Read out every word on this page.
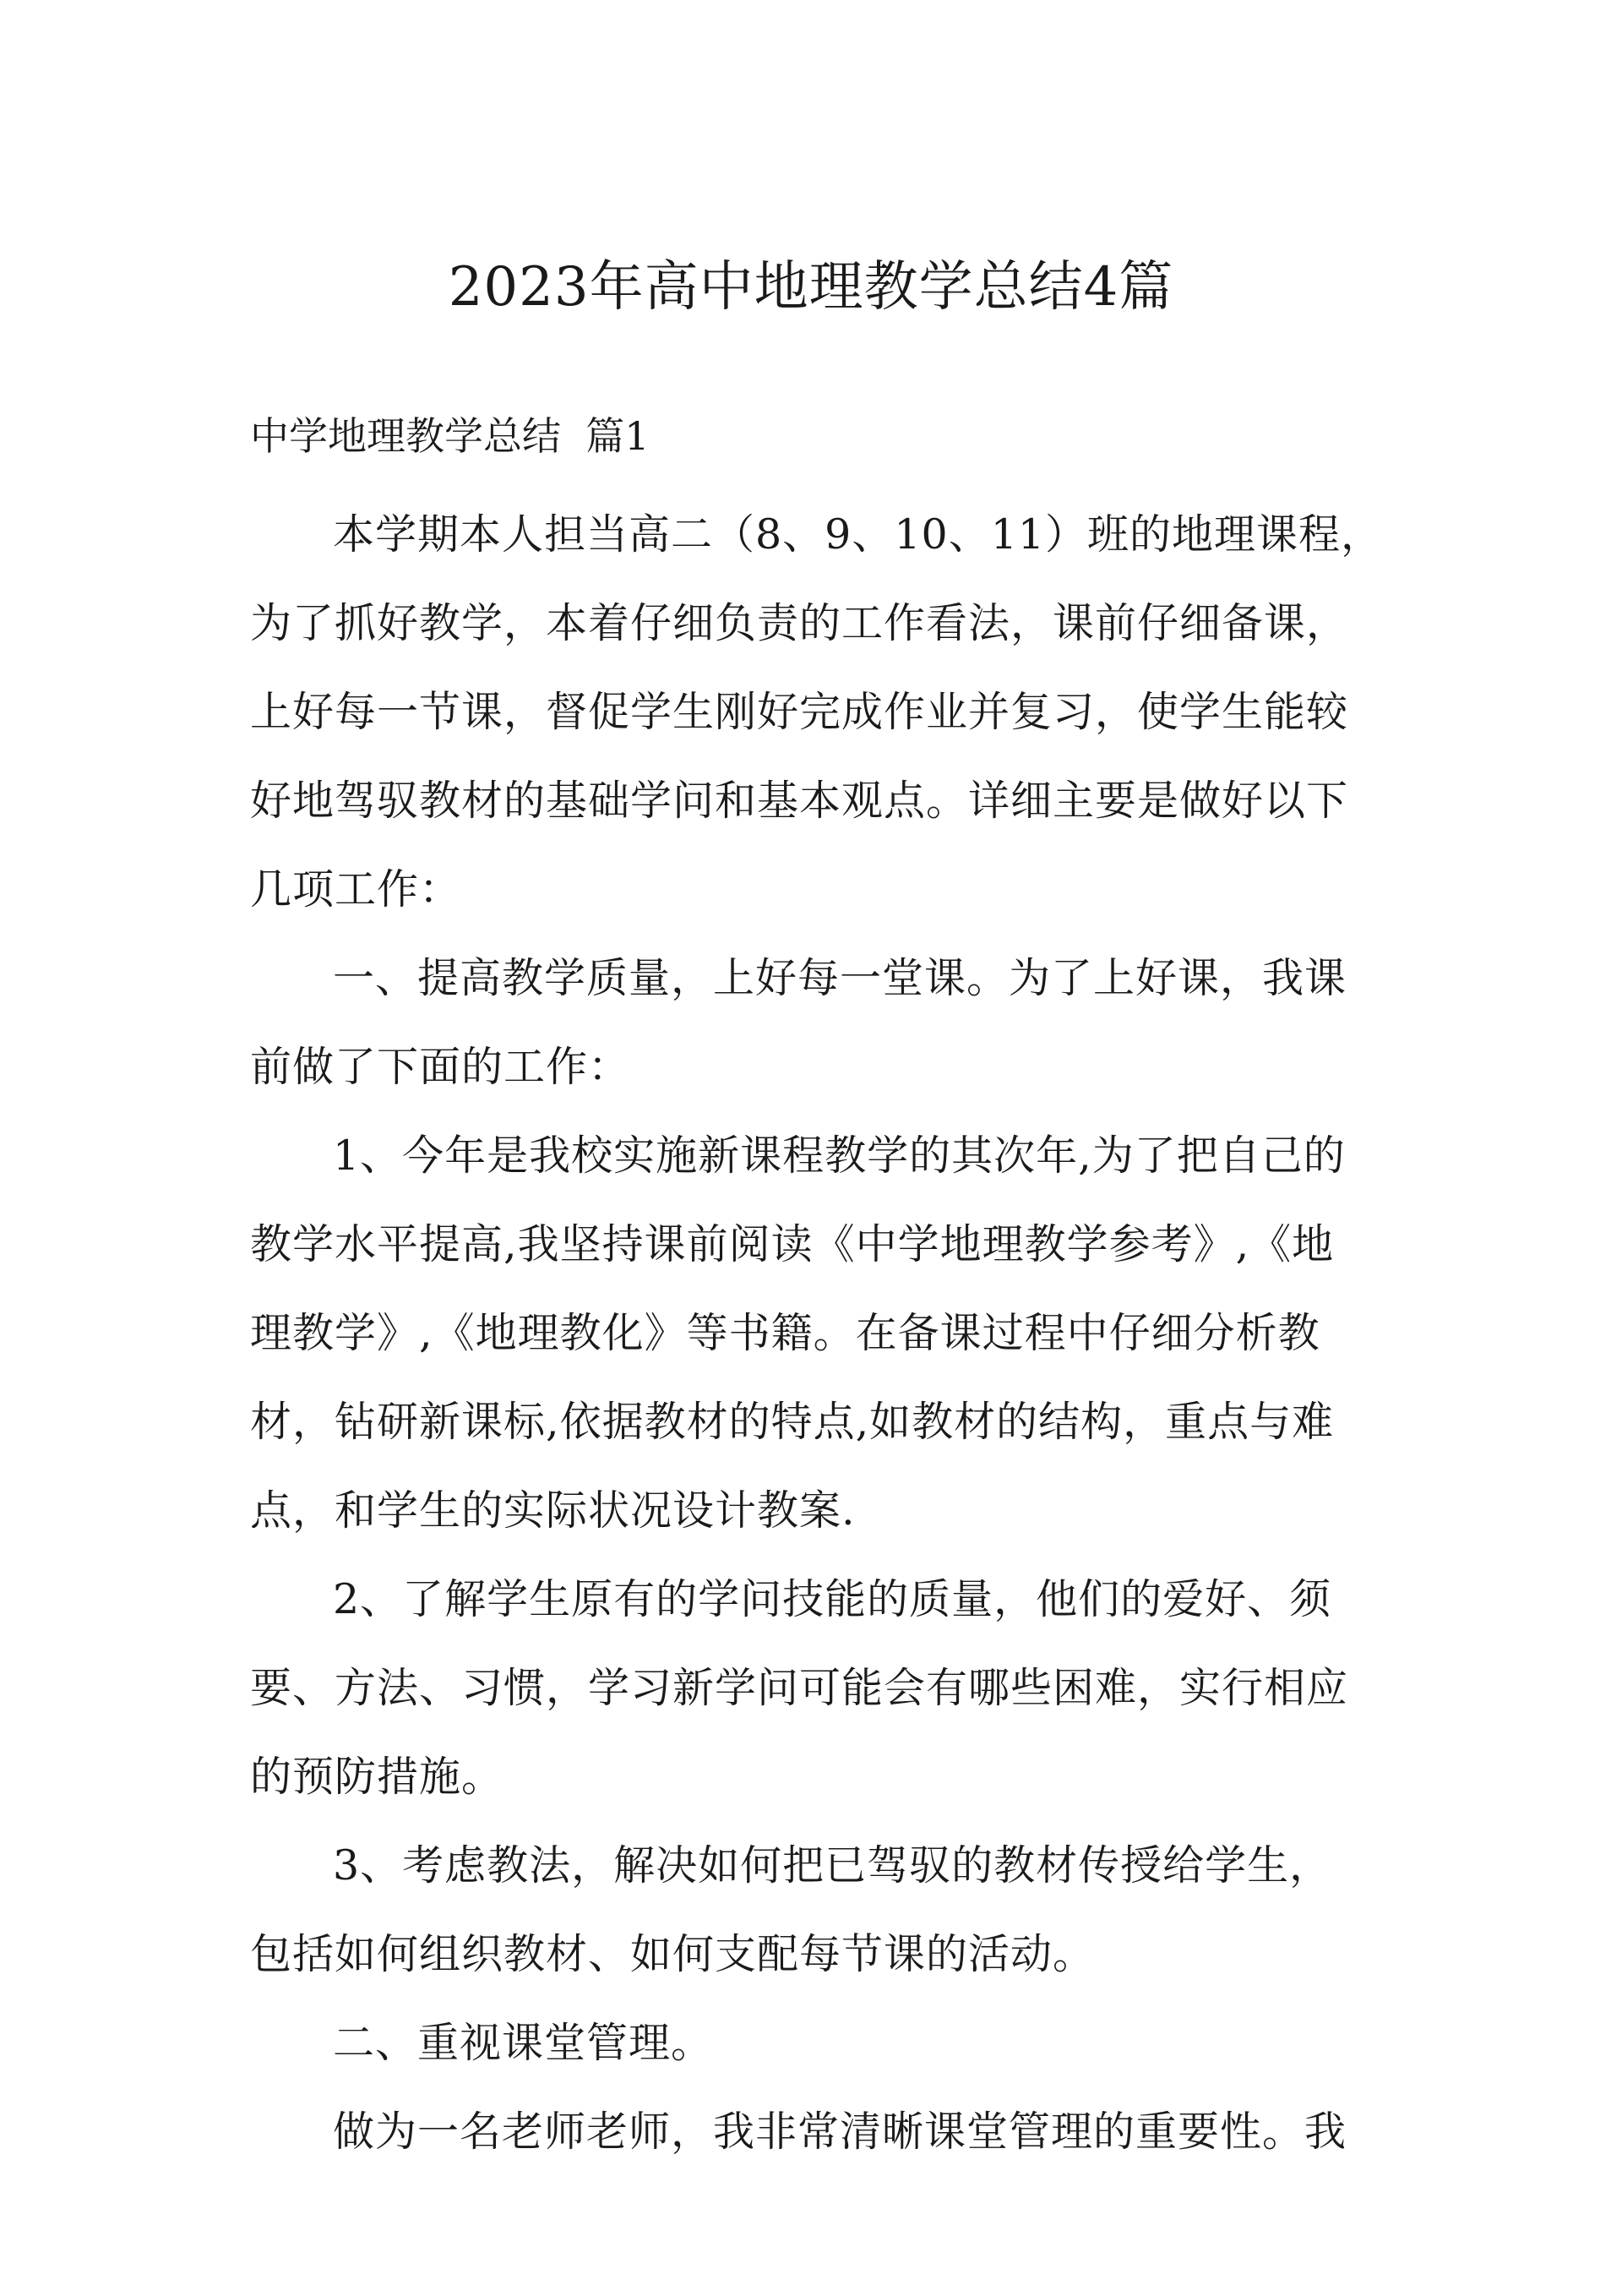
2023年高中地理教学总结4篇
中学地理教学总结  篇1
本学期本人担当高二（8、9、10、11）班的地理课程，
为了抓好教学，本着仔细负责的工作看法，课前仔细备课，
上好每一节课，督促学生刚好完成作业并复习，使学生能较
好地驾驭教材的基础学问和基本观点。详细主要是做好以下
几项工作：
一、提高教学质量，上好每一堂课。为了上好课，我课
前做了下面的工作：
1、今年是我校实施新课程教学的其次年,为了把自己的
教学水平提高,我坚持课前阅读《中学地理教学参考》,《地
理教学》,《地理教化》等书籍。在备课过程中仔细分析教
材，钻研新课标,依据教材的特点,如教材的结构，重点与难
点，和学生的实际状况设计教案.
2、了解学生原有的学问技能的质量，他们的爱好、须
要、方法、习惯，学习新学问可能会有哪些困难，实行相应
的预防措施。
3、考虑教法，解决如何把已驾驭的教材传授给学生，
包括如何组织教材、如何支配每节课的活动。
二、重视课堂管理。
做为一名老师老师，我非常清晰课堂管理的重要性。我
